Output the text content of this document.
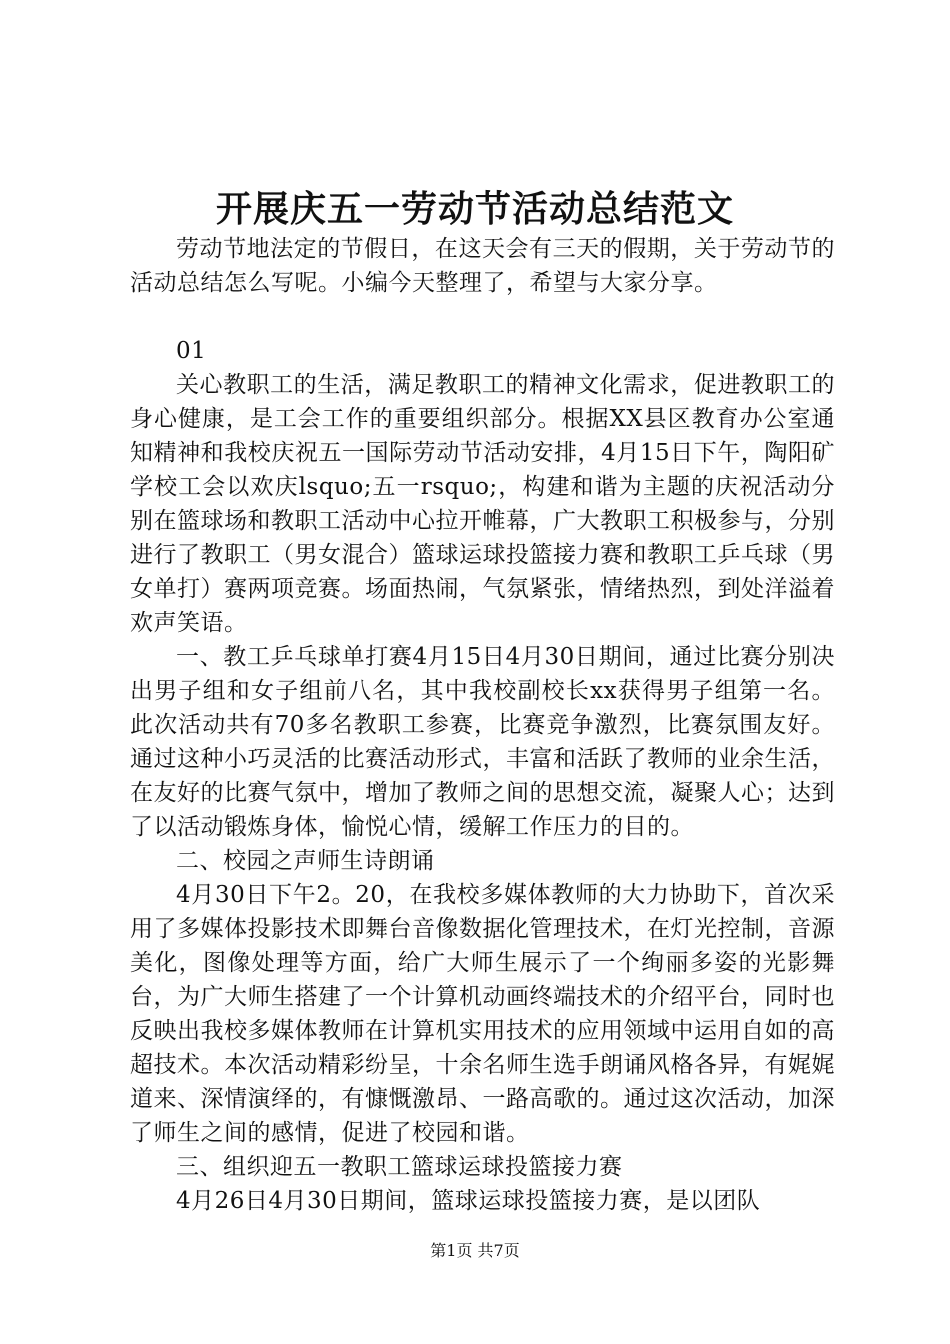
开展庆五一劳动节活动总结范文

劳动节地法定的节假日，在这天会有三天的假期，关于劳动节的活动总结怎么写呢。小编今天整理了，希望与大家分享。

01

关心教职工的生活，满足教职工的精神文化需求，促进教职工的身心健康，是工会工作的重要组织部分。根据XX县区教育办公室通知精神和我校庆祝五一国际劳动节活动安排，4月15日下午，陶阳矿学校工会以欢庆lsquo;五一rsquo;，构建和谐为主题的庆祝活动分别在篮球场和教职工活动中心拉开帷幕，广大教职工积极参与，分别进行了教职工（男女混合）篮球运球投篮接力赛和教职工乒乓球（男女单打）赛两项竞赛。场面热闹，气氛紧张，情绪热烈，到处洋溢着欢声笑语。

一、教工乒乓球单打赛4月15日4月30日期间，通过比赛分别决出男子组和女子组前八名，其中我校副校长xx获得男子组第一名。此次活动共有70多名教职工参赛，比赛竞争激烈，比赛氛围友好。通过这种小巧灵活的比赛活动形式，丰富和活跃了教师的业余生活，在友好的比赛气氛中，增加了教师之间的思想交流，凝聚人心；达到了以活动锻炼身体，愉悦心情，缓解工作压力的目的。

二、校园之声师生诗朗诵

4月30日下午2。20，在我校多媒体教师的大力协助下，首次采用了多媒体投影技术即舞台音像数据化管理技术，在灯光控制，音源美化，图像处理等方面，给广大师生展示了一个绚丽多姿的光影舞台，为广大师生搭建了一个计算机动画终端技术的介绍平台，同时也反映出我校多媒体教师在计算机实用技术的应用领域中运用自如的高超技术。本次活动精彩纷呈，十余名师生选手朗诵风格各异，有娓娓道来、深情演绎的，有慷慨激昂、一路高歌的。通过这次活动，加深了师生之间的感情，促进了校园和谐。

三、组织迎五一教职工篮球运球投篮接力赛

4月26日4月30日期间，篮球运球投篮接力赛，是以团队

第1页 共7页
